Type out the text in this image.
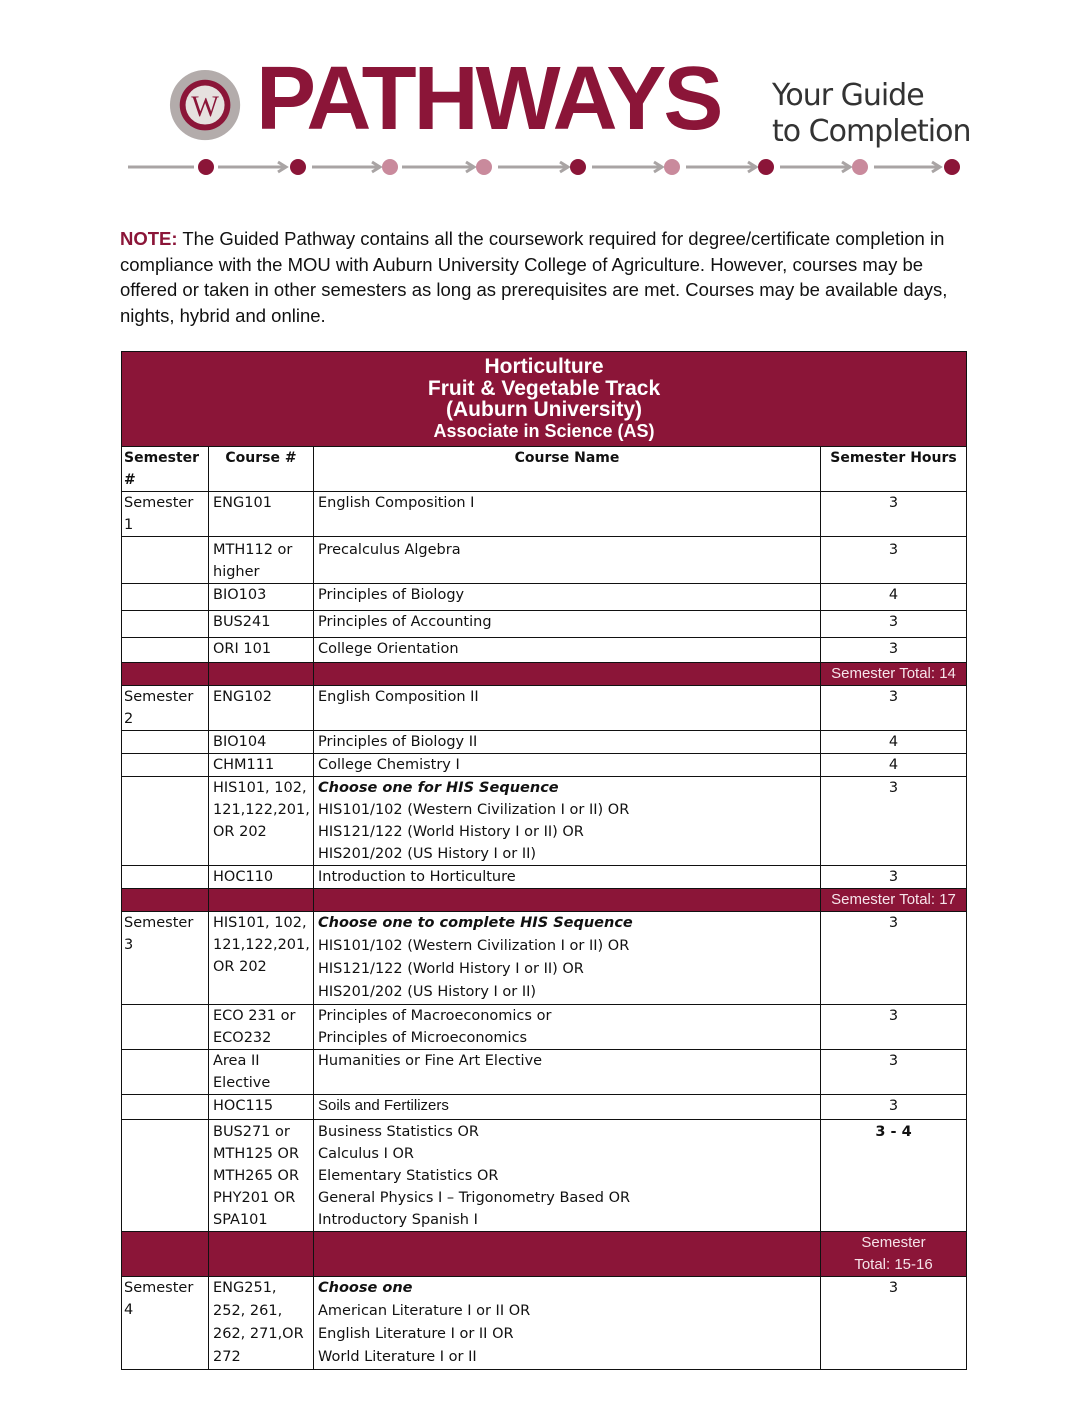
W PATHWAYS Your Guide
to Completion
NOTE: The Guided Pathway contains all the coursework required for degree/certificate completion in compliance with the MOU with Auburn University College of Agriculture. However, courses may be offered or taken in other semesters as long as prerequisites are met. Courses may be available days, nights, hybrid and online.
Horticulture
Fruit & Vegetable Track
(Auburn University)
Associate in Science (AS)			

Semester #	Course #	Course Name	Semester Hours
Semester 1	ENG101	English Composition I	3
	MTH112 or higher	Precalculus Algebra	3
	BIO103	Principles of Biology	4
	BUS241	Principles of Accounting	3
	ORI 101	College Orientation	3
			Semester Total: 14
Semester 2	ENG102	English Composition II	3
	BIO104	Principles of Biology II	4
	CHM111	College Chemistry I	4
	HIS101, 102, 121,122,201, OR 202	Choose one for HIS Sequence
HIS101/102 (Western Civilization I or II) OR
HIS121/122 (World History I or II) OR
HIS201/202 (US History I or II)	3
	HOC110	Introduction to Horticulture	3
			Semester Total: 17
Semester 3	HIS101, 102, 121,122,201, OR 202	Choose one to complete HIS Sequence
HIS101/102 (Western Civilization I or II) OR
HIS121/122 (World History I or II) OR
HIS201/202 (US History I or II)	3
	ECO 231 or ECO232	Principles of Macroeconomics or
Principles of Microeconomics	3
	Area II Elective	Humanities or Fine Art Elective	3
	HOC115	Soils and Fertilizers	3
	BUS271 or MTH125 OR MTH265 OR PHY201 OR SPA101	Business Statistics OR
Calculus I OR
Elementary Statistics OR
General Physics I – Trigonometry Based OR
Introductory Spanish I	3 - 4
			Semester Total: 15-16
Semester 4	ENG251, 252, 261, 262, 271,OR 272	Choose one
American Literature I or II OR
English Literature I or II OR
World Literature I or II	3
